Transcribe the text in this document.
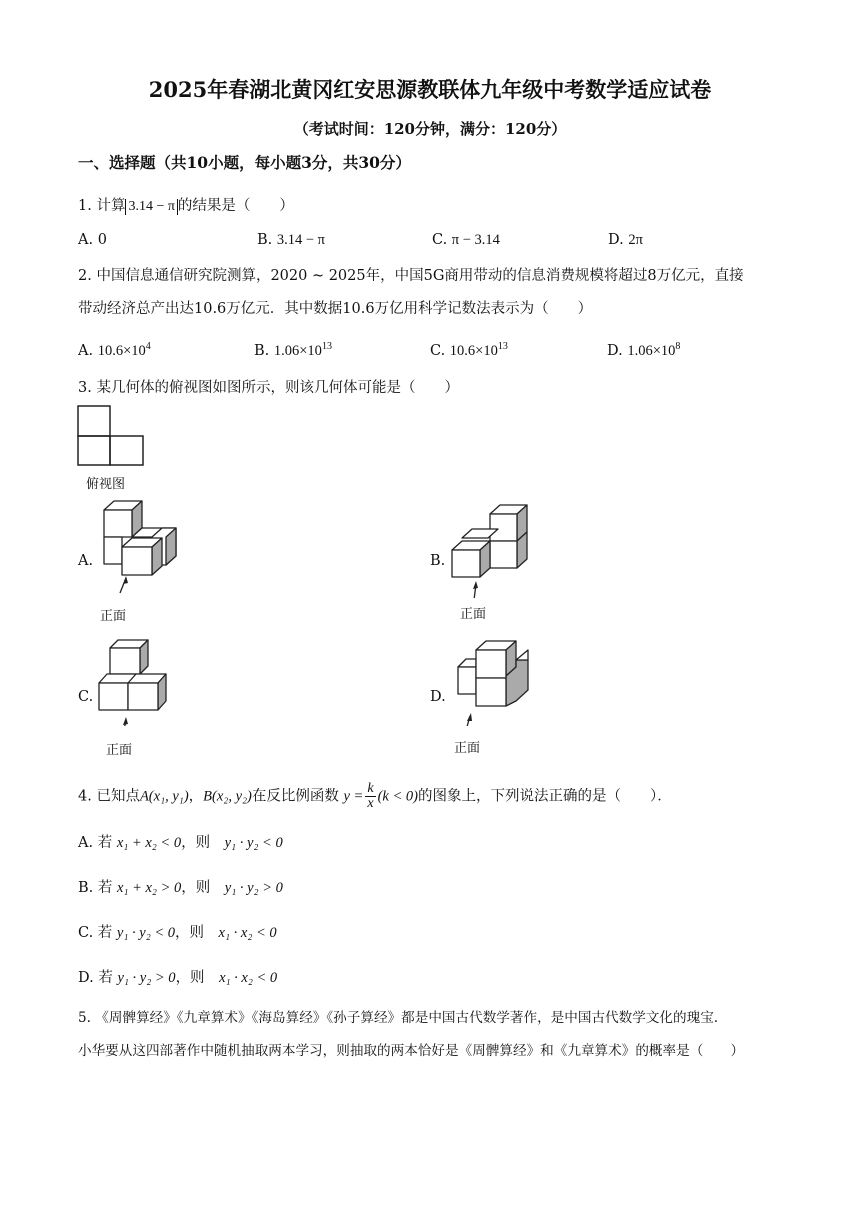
2025年春湖北黄冈红安思源教联体九年级中考数学适应试卷
（考试时间：120分钟，满分：120分）
一、选择题（共10小题，每小题3分，共30分）
1. 计算 3.14 − π 的结果是（　　）
A. 0	B. 3.14 − π	C. π − 3.14	D. 2π
2. 中国信息通信研究院测算，2020 ~ 2025年，中国5G商用带动的信息消费规模将超过8万亿元，直接
带动经济总产出达10.6万亿元．其中数据10.6万亿用科学记数法表示为（　　）
A. $10.6\times 10^4$	B. $1.06\times 10^{13}$	C. $10.6\times 10^{13}$	D. $1.06\times 10^8$
3. 某几何体的俯视图如图所示，则该几何体可能是（　　）
俯视图
A.
正面
B.
正面
C.
正面
D.
正面
4. 已知点A(x₁, y₁)，B(x₂, y₂)在反比例函数 $y = \frac{k}{x} (k < 0)$的图象上，下列说法正确的是（　　）．
A. 若 x₁ + x₂ < 0，则　 y₁ · y₂ < 0
B. 若 x₁ + x₂ > 0，则　 y₁ · y₂ > 0
C. 若 y₁ · y₂ < 0，则　 x₁ · x₂ < 0
D. 若 y₁ · y₂ > 0，则　 x₁ · x₂ < 0
5. 《周髀算经》《九章算术》《海岛算经》《孙子算经》都是中国古代数学著作，是中国古代数学文化的瑰宝.
小华要从这四部著作中随机抽取两本学习，则抽取的两本恰好是《周髀算经》和《九章算术》的概率是（　　）
